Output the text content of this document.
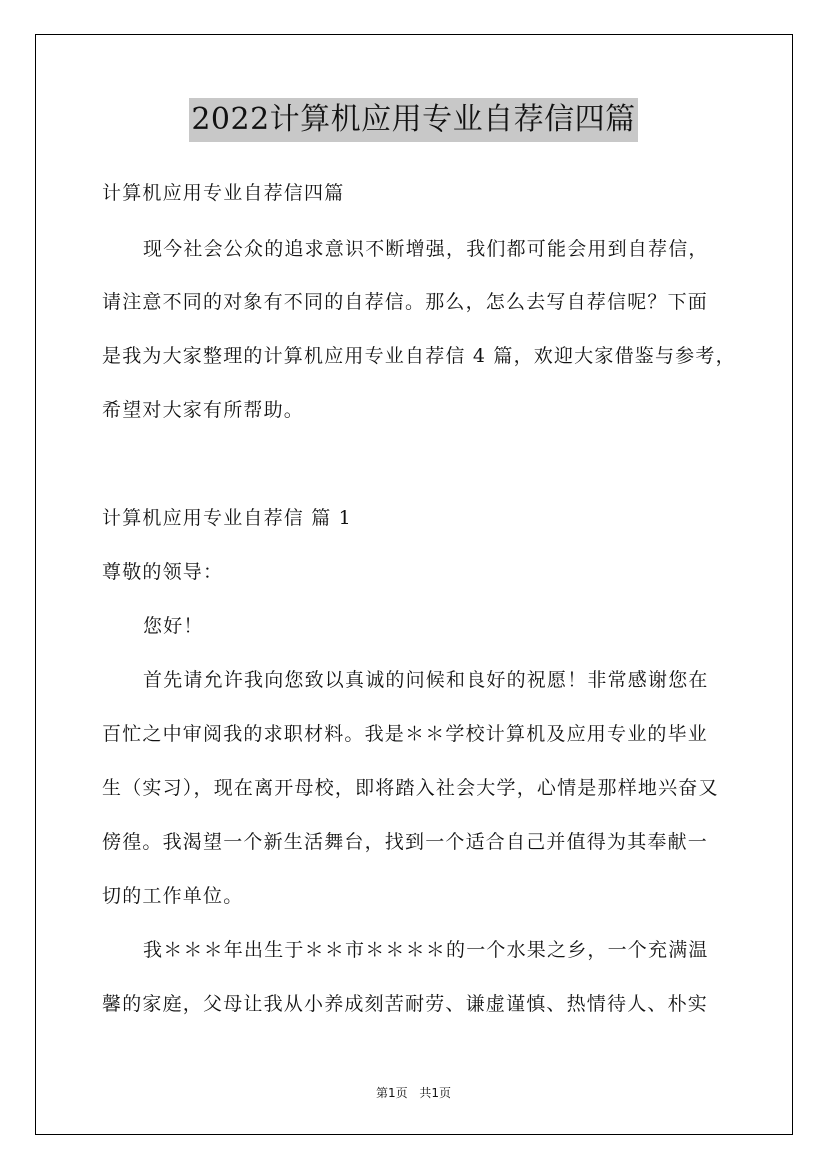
2022计算机应用专业自荐信四篇
计算机应用专业自荐信四篇
现今社会公众的追求意识不断增强，我们都可能会用到自荐信，
请注意不同的对象有不同的自荐信。那么，怎么去写自荐信呢？下面
是我为大家整理的计算机应用专业自荐信 4 篇，欢迎大家借鉴与参考，
希望对大家有所帮助。
计算机应用专业自荐信 篇 1
尊敬的领导：
您好！
首先请允许我向您致以真诚的问候和良好的祝愿！非常感谢您在
百忙之中审阅我的求职材料。我是＊＊学校计算机及应用专业的毕业
生（实习），现在离开母校，即将踏入社会大学，心情是那样地兴奋又
傍徨。我渴望一个新生活舞台，找到一个适合自己并值得为其奉献一
切的工作单位。
我＊＊＊年出生于＊＊市＊＊＊＊的一个水果之乡，一个充满温
馨的家庭，父母让我从小养成刻苦耐劳、谦虚谨慎、热情待人、朴实
第1页 共1页
